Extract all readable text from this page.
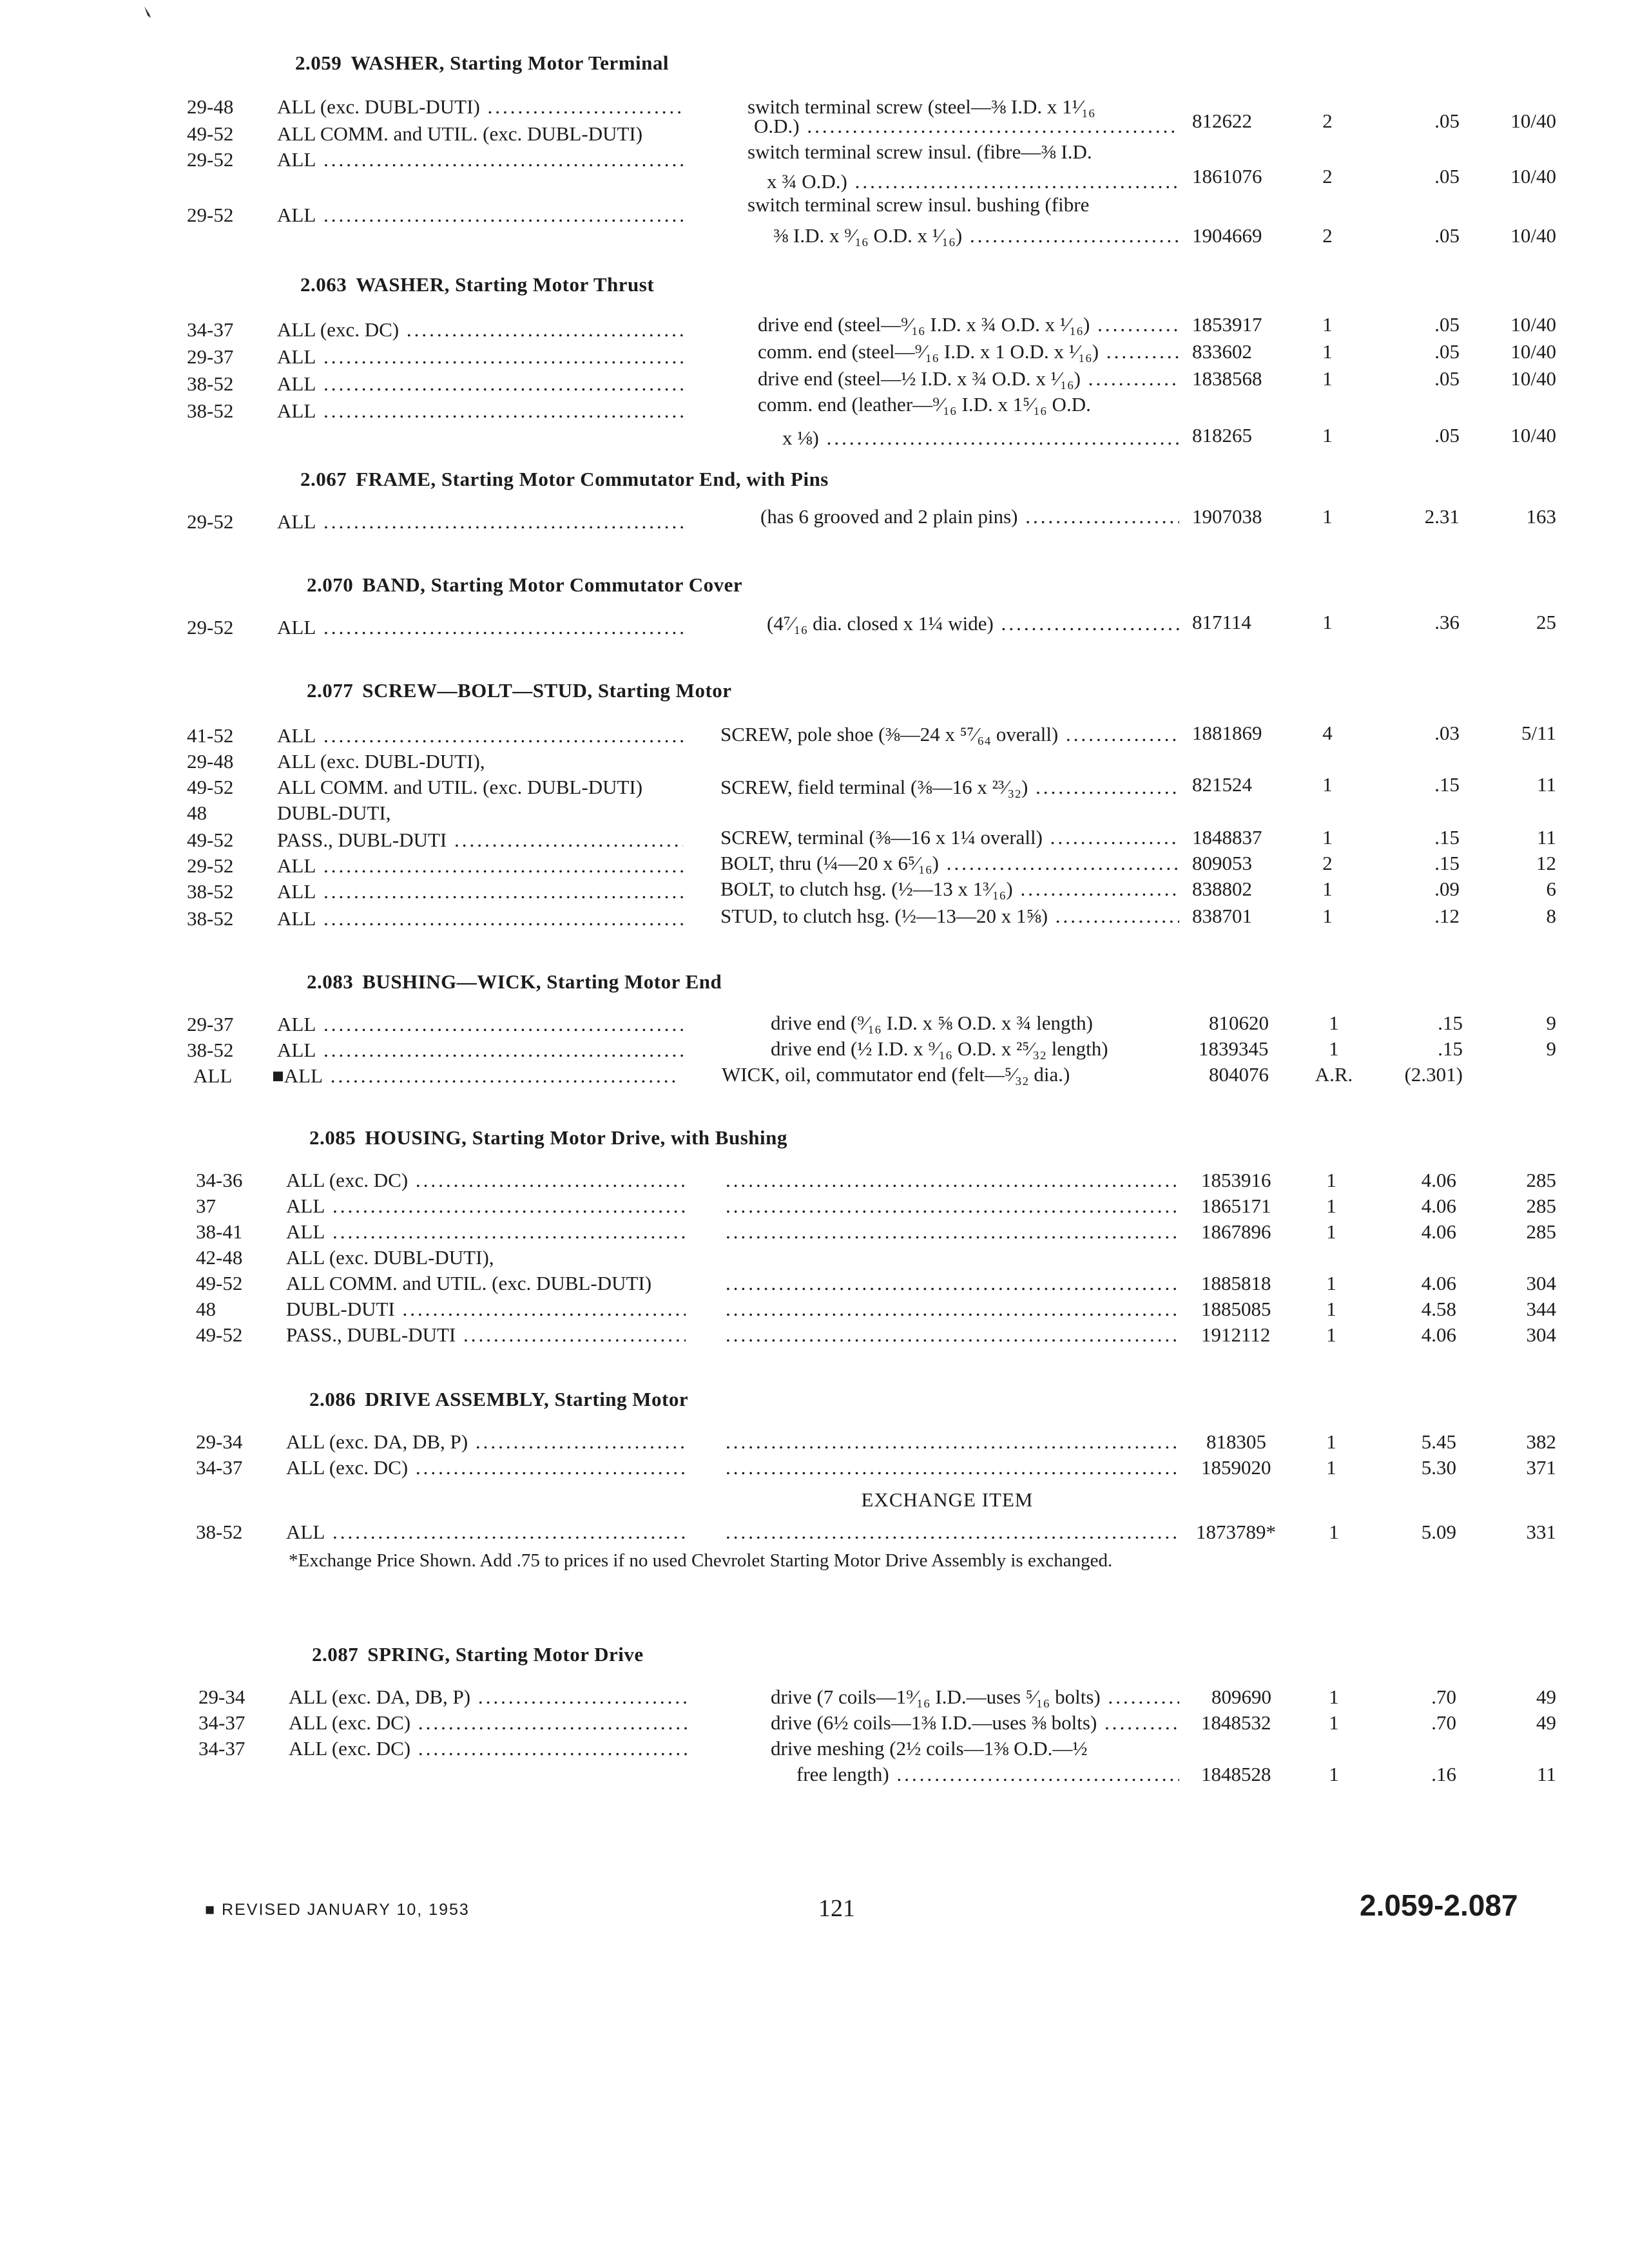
2.059 WASHER, Starting Motor Terminal
29-48 ALL (exc. DUBL-DUTI) .....	switch terminal screw (steel—⅜ I.D. x 1¹⁄₁₆
49-52 ALL COMM. and UTIL. (exc. DUBL-DUTI)	O.D.) .....	812622	2	.05	10/40
29-52 ALL .....	switch terminal screw insul. (fibre—⅜ I.D.
x ¾ O.D.) .....	1861076	2	.05	10/40
29-52 ALL .....	switch terminal screw insul. bushing (fibre
⅜ I.D. x ⁹⁄₁₆ O.D. x ¹⁄₁₆) .....	1904669	2	.05	10/40
2.063 WASHER, Starting Motor Thrust
34-37 ALL (exc. DC) .....	drive end (steel—⁹⁄₁₆ I.D. x ¾ O.D. x ¹⁄₁₆) .....	1853917	1	.05	10/40
29-37 ALL .....	comm. end (steel—⁹⁄₁₆ I.D. x 1 O.D. x ¹⁄₁₆) .....	833602	1	.05	10/40
38-52 ALL .....	drive end (steel—½ I.D. x ¾ O.D. x ¹⁄₁₆) .....	1838568	1	.05	10/40
38-52 ALL .....	comm. end (leather—⁹⁄₁₆ I.D. x 1⁵⁄₁₆ O.D.
x ⅛) .....	818265	1	.05	10/40
2.067 FRAME, Starting Motor Commutator End, with Pins
29-52 ALL .....	(has 6 grooved and 2 plain pins) .....	1907038	1	2.31	163
2.070 BAND, Starting Motor Commutator Cover
29-52 ALL .....	(4⁷⁄₁₆ dia. closed x 1¼ wide) .....	817114	1	.36	25
2.077 SCREW—BOLT—STUD, Starting Motor
41-52 ALL .....	SCREW, pole shoe (⅜—24 x ⁵⁷⁄₆₄ overall) .....	1881869	4	.03	5/11
29-48 ALL (exc. DUBL-DUTI),
49-52 ALL COMM. and UTIL. (exc. DUBL-DUTI)	SCREW, field terminal (⅜—16 x ²³⁄₃₂) .....	821524	1	.15	11
48	DUBL-DUTI,
49-52 PASS., DUBL-DUTI .....	SCREW, terminal (⅜—16 x 1¼ overall) .....	1848837	1	.15	11
29-52 ALL .....	BOLT, thru (¼—20 x 6⁵⁄₁₆) .....	809053	2	.15	12
38-52 ALL .....	BOLT, to clutch hsg. (½—13 x 1³⁄₁₆) .....	838802	1	.09	6
38-52 ALL .....	STUD, to clutch hsg. (½—13—20 x 1⅝) .....	838701	1	.12	8
2.083 BUSHING—WICK, Starting Motor End
29-37 ALL .....	drive end (⁹⁄₁₆ I.D. x ⅝ O.D. x ¾ length)	810620	1	.15	9
38-52 ALL .....	drive end (½ I.D. x ⁹⁄₁₆ O.D. x ²⁵⁄₃₂ length)	1839345	1	.15	9
ALL ■ALL .....	WICK, oil, commutator end (felt—⁵⁄₃₂ dia.)	804076	A.R.	(2.301)
2.085 HOUSING, Starting Motor Drive, with Bushing
34-36 ALL (exc. DC) ..... .....	1853916	1	4.06	285
37	ALL ..... .....	1865171	1	4.06	285
38-41 ALL ..... .....	1867896	1	4.06	285
42-48 ALL (exc. DUBL-DUTI),
49-52 ALL COMM. and UTIL. (exc. DUBL-DUTI) .....	1885818	1	4.06	304
48	DUBL-DUTI ..... .....	1885085	1	4.58	344
49-52 PASS., DUBL-DUTI ..... .....	1912112	1	4.06	304
2.086 DRIVE ASSEMBLY, Starting Motor
29-34 ALL (exc. DA, DB, P) ..... .....	818305	1	5.45	382
34-37 ALL (exc. DC) ..... .....	1859020	1	5.30	371
EXCHANGE ITEM
38-52 ALL ..... .....	1873789*	1	5.09	331
*Exchange Price Shown. Add .75 to prices if no used Chevrolet Starting Motor Drive Assembly is exchanged.
2.087 SPRING, Starting Motor Drive
29-34 ALL (exc. DA, DB, P) .....	drive (7 coils—1⁹⁄₁₆ I.D.—uses ⁵⁄₁₆ bolts) .....	809690	1	.70	49
34-37 ALL (exc. DC) .....	drive (6½ coils—1⅜ I.D.—uses ⅜ bolts) .....	1848532	1	.70	49
34-37 ALL (exc. DC) .....	drive meshing (2½ coils—1⅜ O.D.—½
free length) .....	1848528	1	.16	11
■ REVISED JANUARY 10, 1953	121	2.059-2.087
